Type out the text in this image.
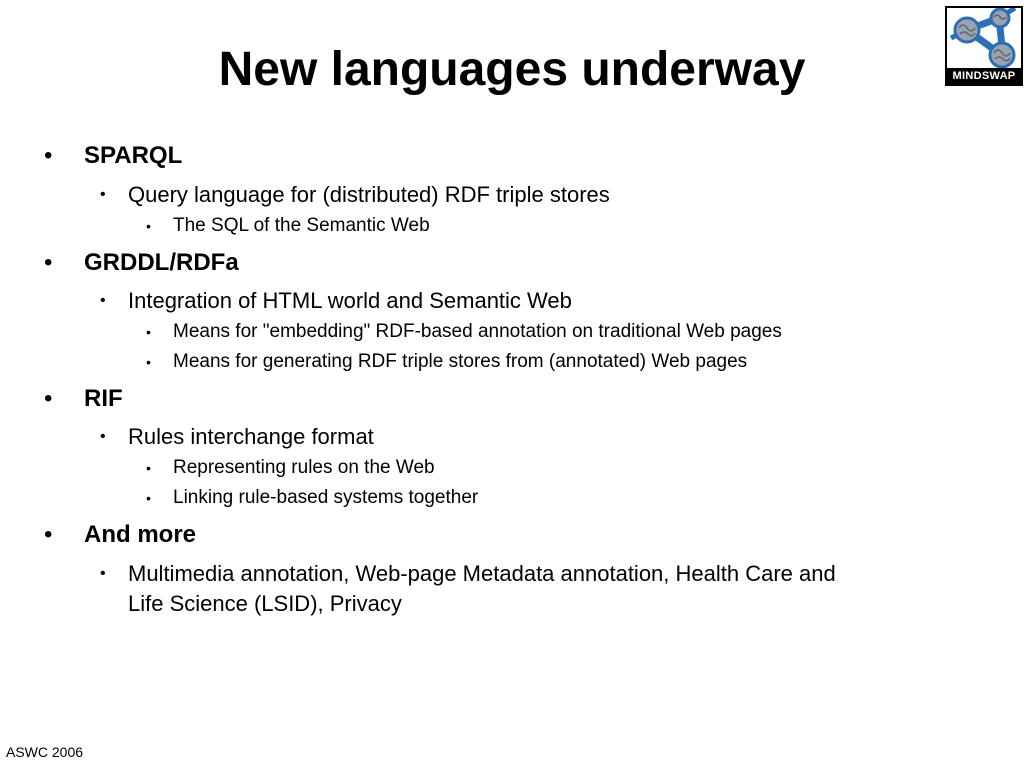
New languages underway	MINDSWAP
• SPARQL
• Query language for (distributed) RDF triple stores
• The SQL of the Semantic Web
• GRDDL/RDFa
• Integration of HTML world and Semantic Web
• Means for "embedding" RDF-based annotation on traditional Web pages
• Means for generating RDF triple stores from (annotated) Web pages
• RIF
• Rules interchange format
• Representing rules on the Web
• Linking rule-based systems together
• And more
• Multimedia annotation, Web-page Metadata annotation, Health Care and
Life Science (LSID), Privacy
ASWC 2006
